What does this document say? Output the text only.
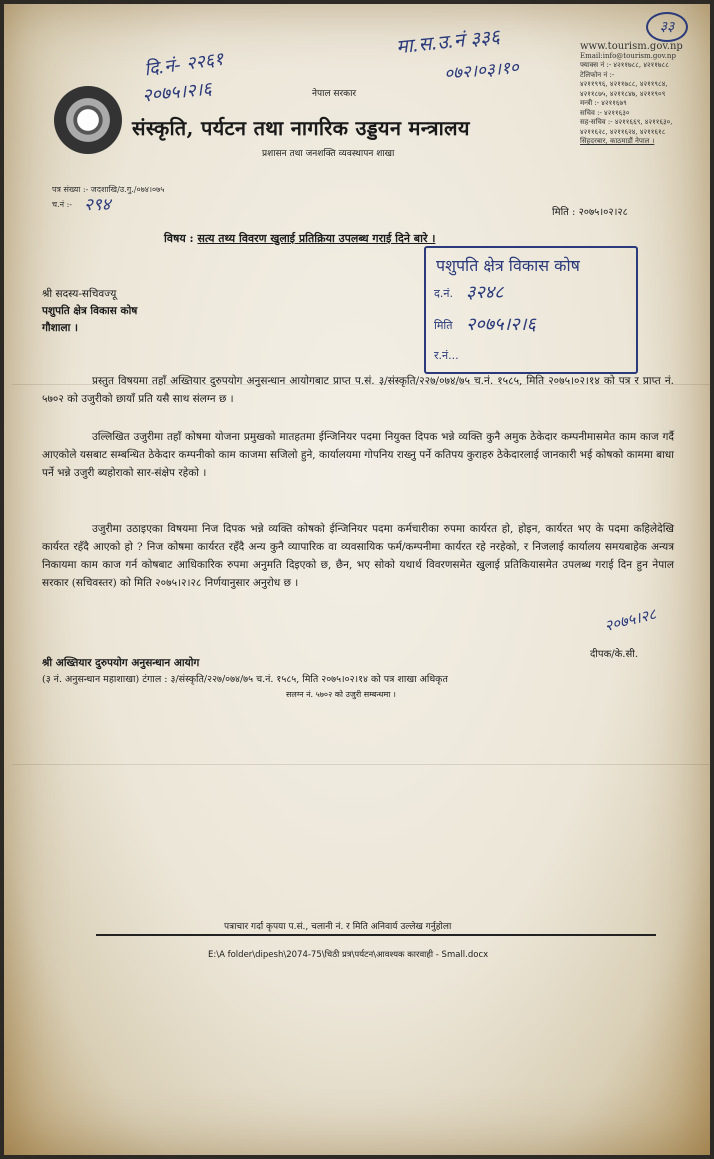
दि.नं- २२६१
२०७५।२।६
मा.स.उ.नं ३३६
०७२।०३।१०
३३
नेपाल सरकार
संस्कृति, पर्यटन तथा नागरिक उड्डयन मन्त्रालय
प्रशासन तथा जनशक्ति व्यवस्थापन शाखा
www.tourism.gov.np
Email:info@tourism.gov.np
फ्याक्स नं :- ४२११७८८, ४२११७८८
टेलिफोन नं :-
४२११९९६, ४२११७८८, ४२११९८४,
४२११८७५, ४२११८४७, ४२११९०९
मन्त्री :- ४२११६७९
सचिव :- ४२११६३०
सह-सचिव :- ४२११६६९, ४२११६३०,
४२११६२८, ४२११६२४, ४२११६१८
सिंहदरबार, काठमाडौं नेपाल ।
पत्र संख्या :- जदशाखि/उ.गु./०७४।०७५
च.नं :- २९४	मिति : २०७५।०२।२८
विषय : सत्य तथ्य विवरण खुलाई प्रतिक्रिया उपलब्ध गराई दिने बारे ।
पशुपति क्षेत्र विकास कोष
द.नं. ३२४८
मिति २०७५।२।६
र.नं...
श्री सदस्य-सचिवज्यू
पशुपति क्षेत्र विकास कोष
गौशाला ।
प्रस्तुत विषयमा तहाँ अख्तियार दुरुपयोग अनुसन्धान आयोगबाट प्राप्त प.सं. ३/संस्कृति/२२७/०७४/७५ च.नं. १५८५, मिति २०७५।०२।१४ को पत्र र प्राप्त नं. ५७०२ को उजुरीको छायाँ प्रति यसै साथ संलग्न छ ।
उल्लिखित उजुरीमा तहाँ कोषमा योजना प्रमुखको मातहतमा ईन्जिनियर पदमा नियुक्त दिपक भन्ने व्यक्ति कुनै अमुक ठेकेदार कम्पनीमासमेत काम काज गर्दै आएकोले यसबाट सम्बन्धित ठेकेदार कम्पनीको काम काजमा सजिलो हुने, कार्यालयमा गोपनिय राख्नु पर्ने कतिपय कुराहरु ठेकेदारलाई जानकारी भई कोषको काममा बाधा पर्ने भन्ने उजुरी ब्यहोराको सार-संक्षेप रहेको ।
उजुरीमा उठाइएका विषयमा निज दिपक भन्ने व्यक्ति कोषको ईन्जिनियर पदमा कर्मचारीका रुपमा कार्यरत हो, होइन, कार्यरत भए के पदमा कहिलेदेखि कार्यरत रहँदै आएको हो ? निज कोषमा कार्यरत रहँदै अन्य कुनै व्यापारिक वा व्यवसायिक फर्म/कम्पनीमा कार्यरत रहे नरहेको, र निजलाई कार्यालय समयबाहेक अन्यत्र निकायमा काम काज गर्न कोषबाट आधिकारिक रुपमा अनुमति दिइएको छ, छैन, भए सोको यथार्थ विवरणसमेत खुलाई प्रतिकियासमेत उपलब्ध गराई दिन हुन नेपाल सरकार (सचिवस्तर) को मिति २०७५।२।२८ निर्णयानुसार अनुरोध छ ।
२०७५।२८
दीपक/के.सी.
श्री अख्तियार दुरुपयोग अनुसन्धान आयोग
(३ नं. अनुसन्धान महाशाखा) टंगाल : ३/संस्कृति/२२७/०७४/७५ च.नं. १५८५, मिति २०७५।०२।१४ को पत्र शाखा अधिकृत
सलग्न नं. ५७०२ को उजुरी सम्बन्धमा ।
पत्राचार गर्दा कृपया प.सं., चलानी नं. र मिति अनिवार्य उल्लेख गर्नुहोला
E:\A folder\dipesh\2074-75\चिठी प्रत्र\पर्यटन\आवश्यक कारवाही - Small.docx
